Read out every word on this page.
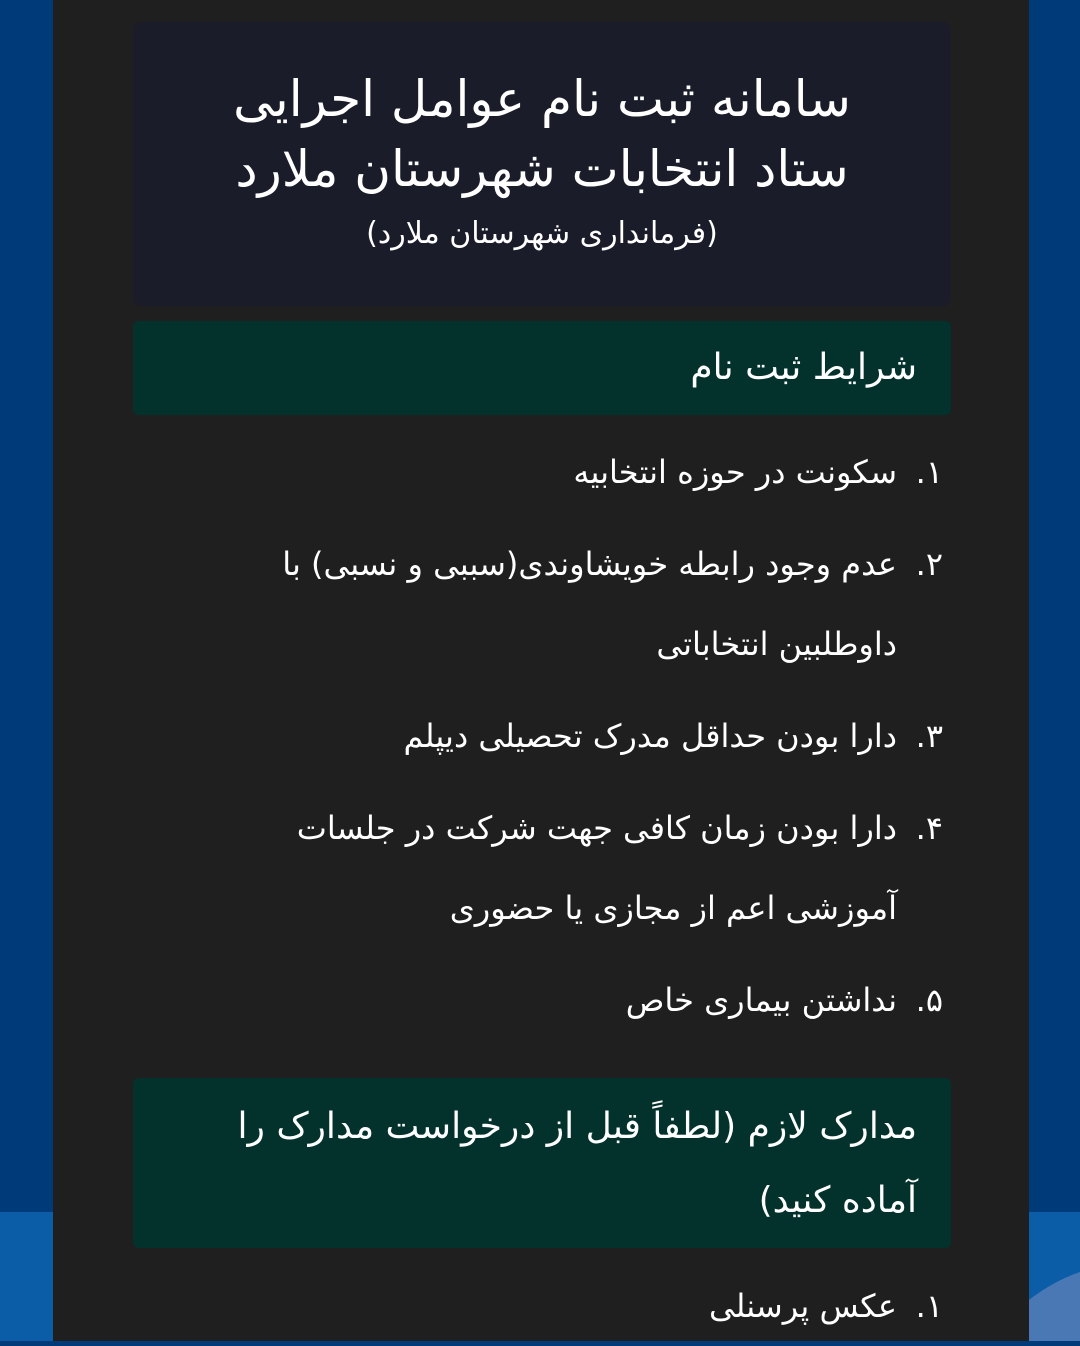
سامانه ثبت نام عوامل اجرایی
ستاد انتخابات شهرستان ملارد
(فرمانداری شهرستان ملارد)
شرایط ثبت نام
۱.
سکونت در حوزه انتخابیه
۲.
عدم وجود رابطه خویشاوندی(سببی و نسبی) با داوطلبین انتخاباتی
۳.
دارا بودن حداقل مدرک تحصیلی دیپلم
۴.
دارا بودن زمان کافی جهت شرکت در جلسات آموزشی اعم از مجازی یا حضوری
۵.
نداشتن بیماری خاص
مدارک لازم (لطفاً قبل از درخواست مدارک را آماده کنید)
۱.
عکس پرسنلی
